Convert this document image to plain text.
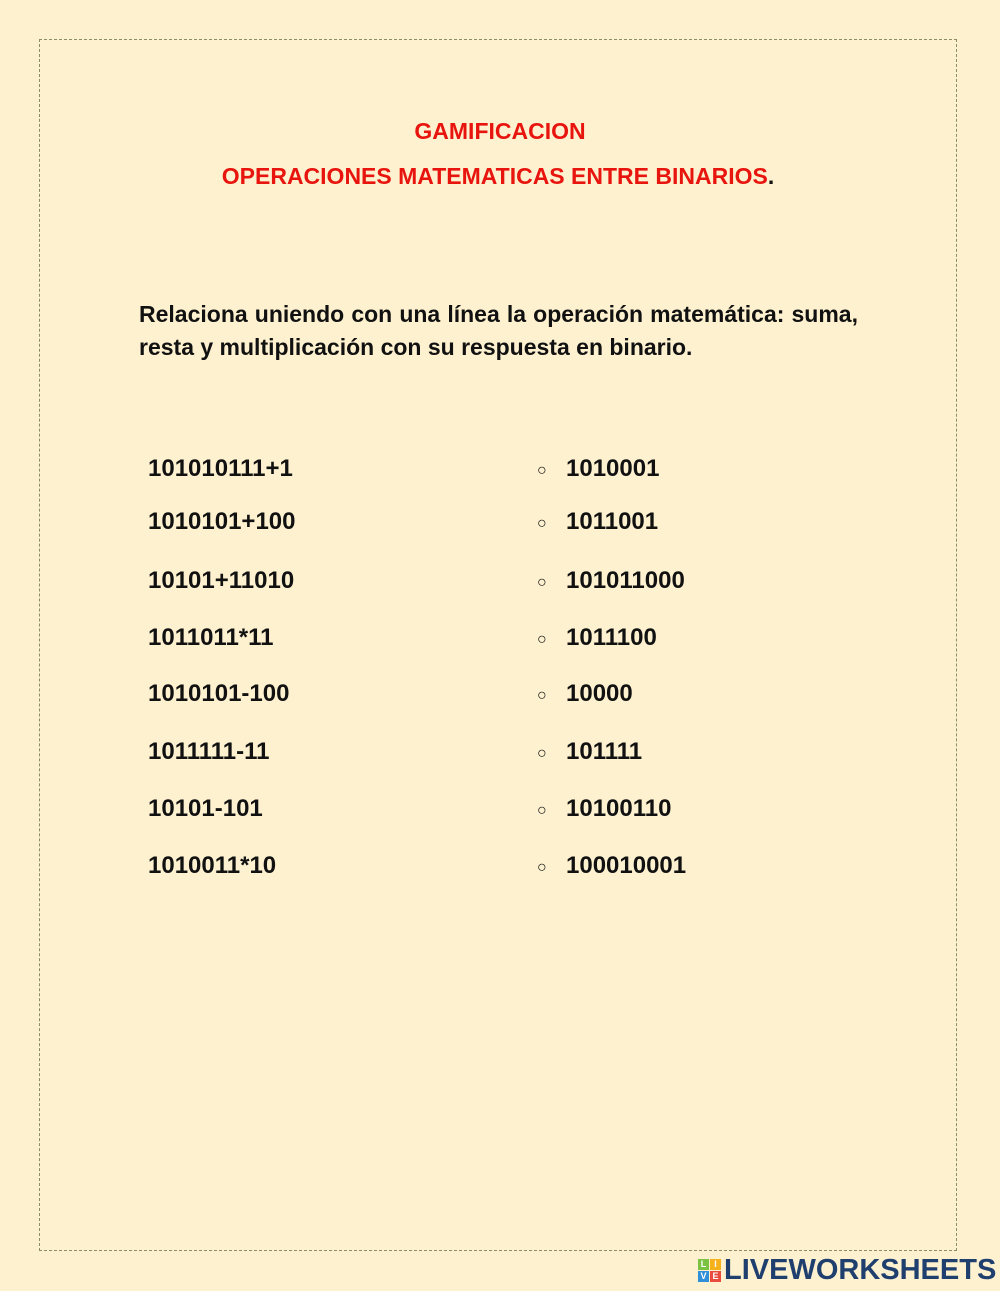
GAMIFICACION
OPERACIONES MATEMATICAS ENTRE BINARIOS.
Relaciona uniendo con una línea la operación matemática: suma, resta y multiplicación con su respuesta en binario.
101010111+1	○ 1010001
1010101+100	○ 1011001
10101+11010	○ 101011000
1011011*11	○ 1011100
1010101-100	○ 10000
1011111-11	○ 101111
10101-101	○ 10100110
1010011*10	○ 100010001
L I
V E LIVEWORKSHEETS
